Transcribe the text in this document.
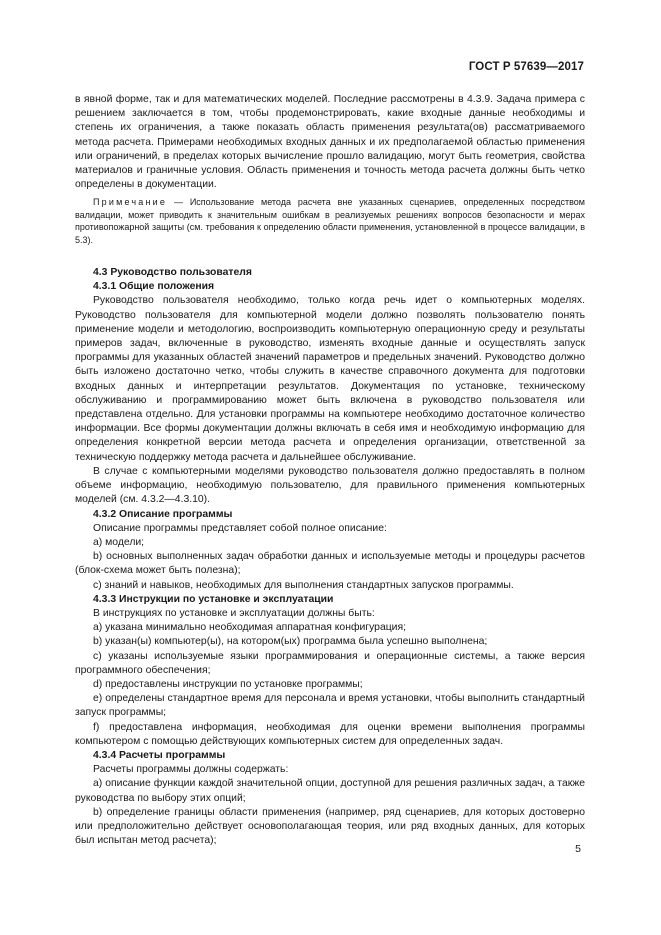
ГОСТ Р 57639—2017

в явной форме, так и для математических моделей. Последние рассмотрены в 4.3.9. Задача примера с решением заключается в том, чтобы продемонстрировать, какие входные данные необходимы и степень их ограничения, а также показать область применения результата(ов) рассматриваемого метода расчета. Примерами необходимых входных данных и их предполагаемой областью применения или ограничений, в пределах которых вычисление прошло валидацию, могут быть геометрия, свойства материалов и граничные условия. Область применения и точность метода расчета должны быть четко определены в документации.

Примечание — Использование метода расчета вне указанных сценариев, определенных посредством валидации, может приводить к значительным ошибкам в реализуемых решениях вопросов безопасности и мерах противопожарной защиты (см. требования к определению области применения, установленной в процессе валидации, в 5.3).

4.3 Руководство пользователя

4.3.1 Общие положения

Руководство пользователя необходимо, только когда речь идет о компьютерных моделях. Руководство пользователя для компьютерной модели должно позволять пользователю понять применение модели и методологию, воспроизводить компьютерную операционную среду и результаты примеров задач, включенные в руководство, изменять входные данные и осуществлять запуск программы для указанных областей значений параметров и предельных значений. Руководство должно быть изложено достаточно четко, чтобы служить в качестве справочного документа для подготовки входных данных и интерпретации результатов. Документация по установке, техническому обслуживанию и программированию может быть включена в руководство пользователя или представлена отдельно. Для установки программы на компьютере необходимо достаточное количество информации. Все формы документации должны включать в себя имя и необходимую информацию для определения конкретной версии метода расчета и определения организации, ответственной за техническую поддержку метода расчета и дальнейшее обслуживание.

В случае с компьютерными моделями руководство пользователя должно предоставлять в полном объеме информацию, необходимую пользователю, для правильного применения компьютерных моделей (см. 4.3.2—4.3.10).

4.3.2 Описание программы

Описание программы представляет собой полное описание:

а) модели;

b) основных выполненных задач обработки данных и используемые методы и процедуры расчетов (блок-схема может быть полезна);

с) знаний и навыков, необходимых для выполнения стандартных запусков программы.

4.3.3 Инструкции по установке и эксплуатации

В инструкциях по установке и эксплуатации должны быть:

а) указана минимально необходимая аппаратная конфигурация;

b) указан(ы) компьютер(ы), на котором(ых) программа была успешно выполнена;

с) указаны используемые языки программирования и операционные системы, а также версия программного обеспечения;

d) предоставлены инструкции по установке программы;

е) определены стандартное время для персонала и время установки, чтобы выполнить стандартный запуск программы;

f) предоставлена информация, необходимая для оценки времени выполнения программы компьютером с помощью действующих компьютерных систем для определенных задач.

4.3.4 Расчеты программы

Расчеты программы должны содержать:

а) описание функции каждой значительной опции, доступной для решения различных задач, а также руководства по выбору этих опций;

b) определение границы области применения (например, ряд сценариев, для которых достоверно или предположительно действует основополагающая теория, или ряд входных данных, для которых был испытан метод расчета);

5
